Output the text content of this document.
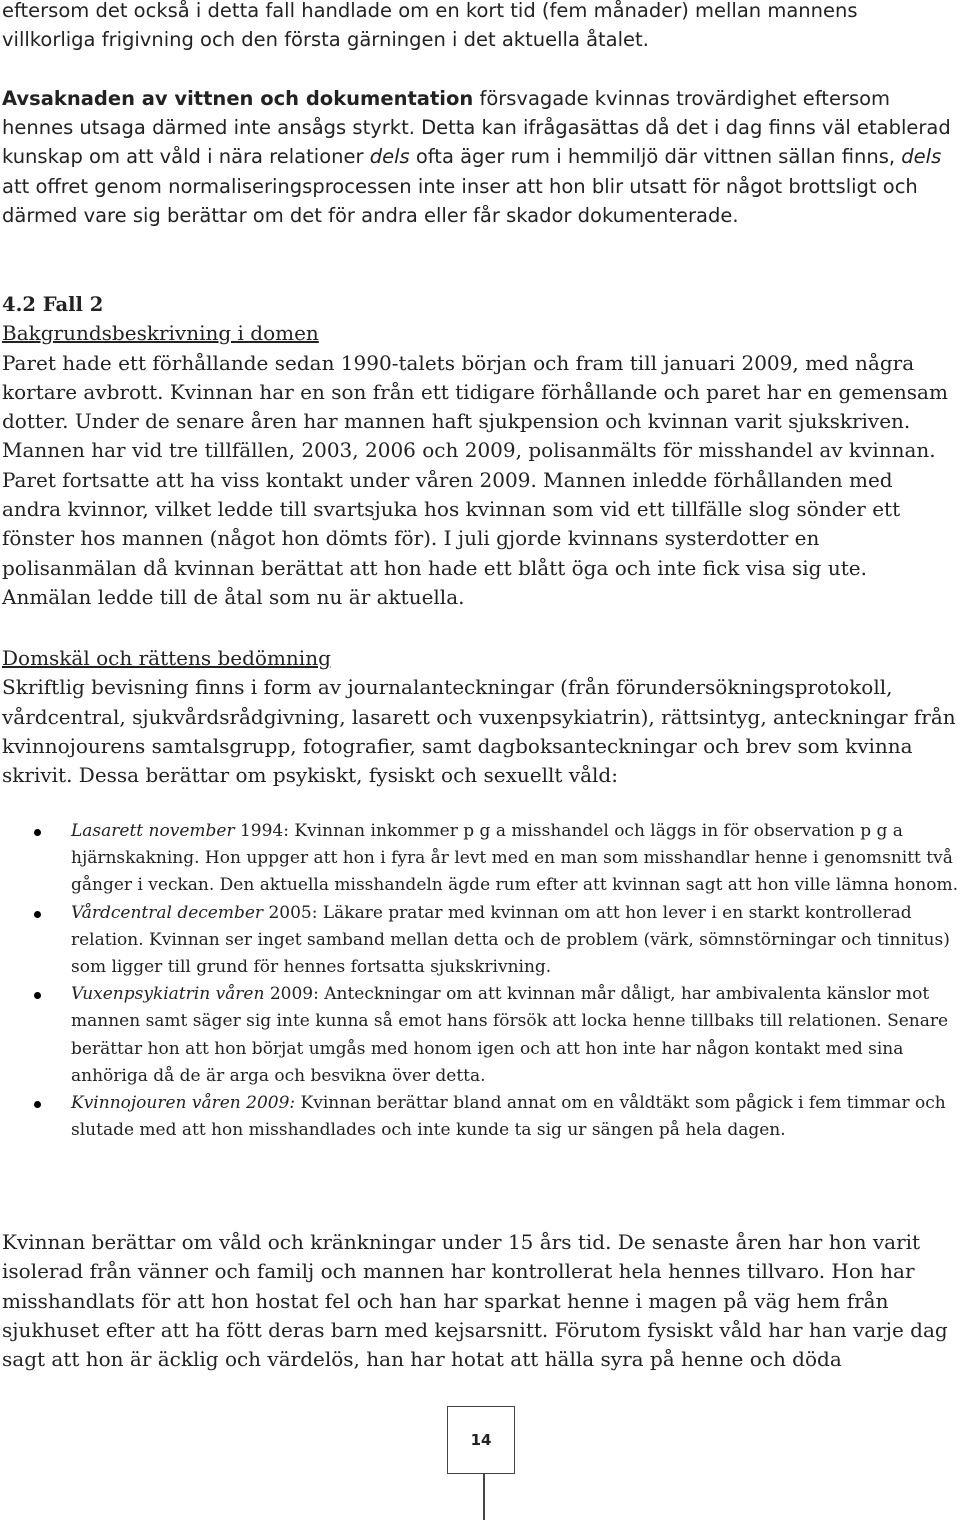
eftersom det också i detta fall handlade om en kort tid (fem månader) mellan mannens

villkorliga frigivning och den första gärningen i det aktuella åtalet.

Avsaknaden av vittnen och dokumentation försvagade kvinnas trovärdighet eftersom hennes utsaga därmed inte ansågs styrkt. Detta kan ifrågasättas då det i dag finns väl etablerad kunskap om att våld i nära relationer dels ofta äger rum i hemmiljö där vittnen sällan finns, dels att offret genom normaliseringsprocessen inte inser att hon blir utsatt för något brottsligt och därmed vare sig berättar om det för andra eller får skador dokumenterade.

4.2 Fall 2

Bakgrundsbeskrivning i domen

Paret hade ett förhållande sedan 1990-talets början och fram till januari 2009, med några kortare avbrott. Kvinnan har en son från ett tidigare förhållande och paret har en gemensam dotter. Under de senare åren har mannen haft sjukpension och kvinnan varit sjukskriven. Mannen har vid tre tillfällen, 2003, 2006 och 2009, polisanmälts för misshandel av kvinnan. Paret fortsatte att ha viss kontakt under våren 2009. Mannen inledde förhållanden med andra kvinnor, vilket ledde till svartsjuka hos kvinnan som vid ett tillfälle slog sönder ett fönster hos mannen (något hon dömts för). I juli gjorde kvinnans systerdotter en polisanmälan då kvinnan berättat att hon hade ett blått öga och inte fick visa sig ute. Anmälan ledde till de åtal som nu är aktuella.

Domskäl och rättens bedömning

Skriftlig bevisning finns i form av journalanteckningar (från förundersökningsprotokoll, vårdcentral, sjukvårdsrådgivning, lasarett och vuxenpsykiatrin), rättsintyg, anteckningar från kvinnojourens samtalsgrupp, fotografier, samt dagboksanteckningar och brev som kvinna skrivit. Dessa berättar om psykiskt, fysiskt och sexuellt våld:

Lasarett november 1994: Kvinnan inkommer p g a misshandel och läggs in för observation p g a hjärnskakning. Hon uppger att hon i fyra år levt med en man som misshandlar henne i genomsnitt två gånger i veckan. Den aktuella misshandeln ägde rum efter att kvinnan sagt att hon ville lämna honom.
Vårdcentral december 2005: Läkare pratar med kvinnan om att hon lever i en starkt kontrollerad relation. Kvinnan ser inget samband mellan detta och de problem (värk, sömnstörningar och tinnitus) som ligger till grund för hennes fortsatta sjukskrivning.
Vuxenpsykiatrin våren 2009: Anteckningar om att kvinnan mår dåligt, har ambivalenta känslor mot mannen samt säger sig inte kunna så emot hans försök att locka henne tillbaks till relationen. Senare berättar hon att hon börjat umgås med honom igen och att hon inte har någon kontakt med sina anhöriga då de är arga och besvikna över detta.
Kvinnojouren våren 2009: Kvinnan berättar bland annat om en våldtäkt som pågick i fem timmar och slutade med att hon misshandlades och inte kunde ta sig ur sängen på hela dagen.

Kvinnan berättar om våld och kränkningar under 15 års tid. De senaste åren har hon varit isolerad från vänner och familj och mannen har kontrollerat hela hennes tillvaro. Hon har misshandlats för att hon hostat fel och han har sparkat henne i magen på väg hem från sjukhuset efter att ha fött deras barn med kejsarsnitt. Förutom fysiskt våld har han varje dag sagt att hon är äcklig och värdelös, han har hotat att hälla syra på henne och döda

14
